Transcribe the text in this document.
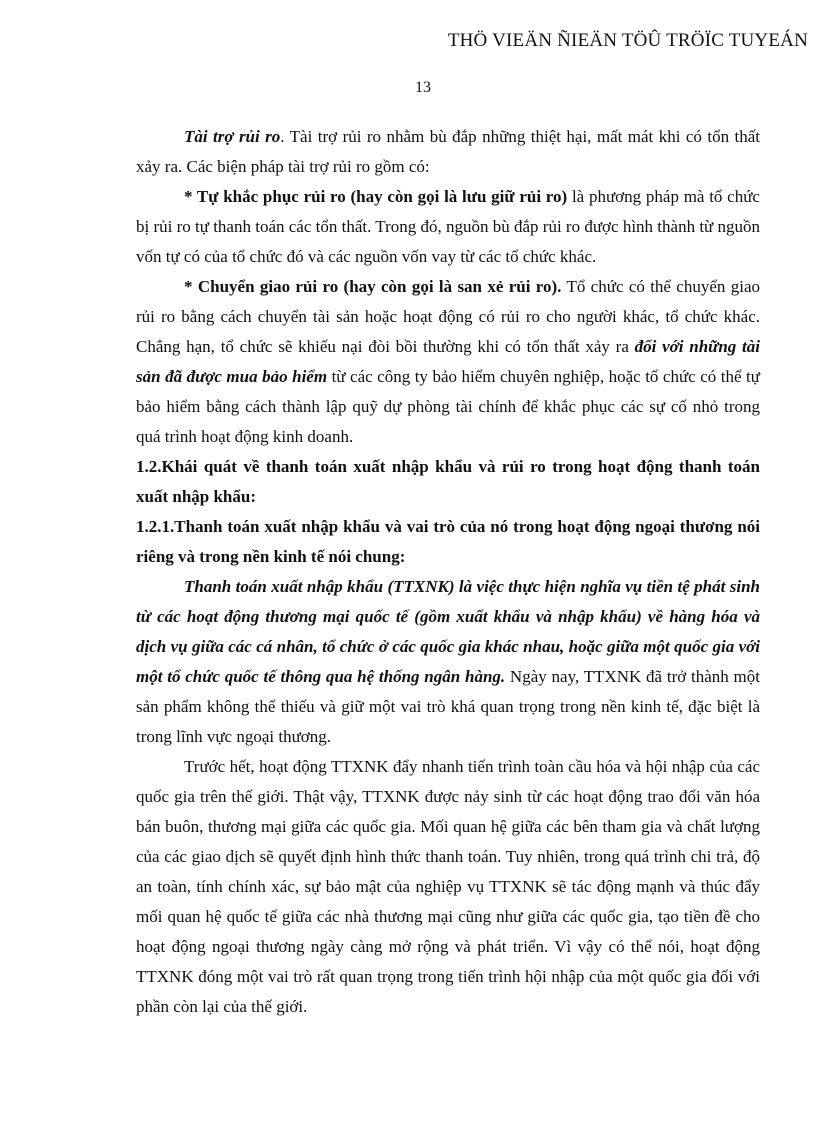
THÖ VIEÄN ÑIEÄN TÖÛ TRÖÏC TUYEÁN
13

Tài trợ rủi ro. Tài trợ rủi ro nhằm bù đắp những thiệt hại, mất mát khi có tổn thất xảy ra. Các biện pháp tài trợ rủi ro gồm có:

* Tự khắc phục rủi ro (hay còn gọi là lưu giữ rủi ro) là phương pháp mà tổ chức bị rủi ro tự thanh toán các tổn thất. Trong đó, nguồn bù đắp rủi ro được hình thành từ nguồn vốn tự có của tổ chức đó và các nguồn vốn vay từ các tổ chức khác.

* Chuyển giao rủi ro (hay còn gọi là san xẻ rủi ro). Tổ chức có thể chuyển giao rủi ro bằng cách chuyển tài sản hoặc hoạt động có rủi ro cho người khác, tổ chức khác. Chẳng hạn, tổ chức sẽ khiếu nại đòi bồi thường khi có tổn thất xảy ra đối với những tài sản đã được mua bảo hiểm từ các công ty bảo hiểm chuyên nghiệp, hoặc tổ chức có thể tự bảo hiểm bằng cách thành lập quỹ dự phòng tài chính để khắc phục các sự cố nhỏ trong quá trình hoạt động kinh doanh.

1.2.Khái quát về thanh toán xuất nhập khẩu và rủi ro trong hoạt động thanh toán xuất nhập khẩu:

1.2.1.Thanh toán xuất nhập khẩu và vai trò của nó trong hoạt động ngoại thương nói riêng và trong nền kinh tế nói chung:

Thanh toán xuất nhập khẩu (TTXNK) là việc thực hiện nghĩa vụ tiền tệ phát sinh từ các hoạt động thương mại quốc tế (gồm xuất khẩu và nhập khẩu) về hàng hóa và dịch vụ giữa các cá nhân, tổ chức ở các quốc gia khác nhau, hoặc giữa một quốc gia với một tổ chức quốc tế thông qua hệ thống ngân hàng. Ngày nay, TTXNK đã trở thành một sản phẩm không thể thiếu và giữ một vai trò khá quan trọng trong nền kinh tế, đặc biệt là trong lĩnh vực ngoại thương.

Trước hết, hoạt động TTXNK đẩy nhanh tiến trình toàn cầu hóa và hội nhập của các quốc gia trên thế giới. Thật vậy, TTXNK được nảy sinh từ các hoạt động trao đổi văn hóa bán buôn, thương mại giữa các quốc gia. Mối quan hệ giữa các bên tham gia và chất lượng của các giao dịch sẽ quyết định hình thức thanh toán. Tuy nhiên, trong quá trình chi trả, độ an toàn, tính chính xác, sự bảo mật của nghiệp vụ TTXNK sẽ tác động mạnh và thúc đẩy mối quan hệ quốc tế giữa các nhà thương mại cũng như giữa các quốc gia, tạo tiền đề cho hoạt động ngoại thương ngày càng mở rộng và phát triển. Vì vậy có thể nói, hoạt động TTXNK đóng một vai trò rất quan trọng trong tiến trình hội nhập của một quốc gia đối với phần còn lại của thế giới.
